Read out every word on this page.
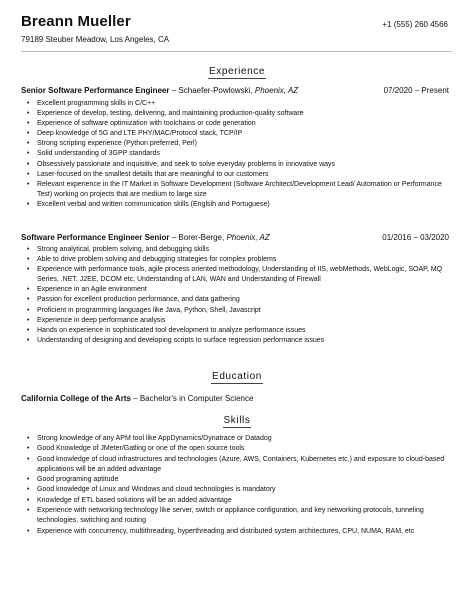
Breann Mueller
79189 Steuber Meadow, Los Angeles, CA
+1 (555) 260 4566
Experience
Senior Software Performance Engineer – Schaefer-Powlowski, Phoenix, AZ	07/2020 – Present
• Excellent programming skills in C/C++
• Experience of develop, testing, delivering, and maintaining production-quality software
• Experience of software optimization with toolchains or code generation
• Deep knowledge of 5G and LTE PHY/MAC/Protocol stack, TCP/IP
• Strong scripting experience (Python preferred, Perl)
• Solid understanding of 3GPP standards
• Obsessively passionate and inquisitive, and seek to solve everyday problems in innovative ways
• Laser-focused on the smallest details that are meaningful to our customers
• Relevant experience in the IT Market in Software Development (Software Architect/Development Lead/ Automation or Performance Test) working on projects that are medium to large size
• Excellent verbal and written communication skills (Englsih and Portuguese)
Software Performance Engineer Senior – Borer-Berge, Phoenix, AZ	01/2016 – 03/2020
• Strong analytical, problem solving, and debugging skills
• Able to drive problem solving and debugging strategies for complex problems
• Experience with performance tools, agile process oriented methodology, Understanding of IIS, webMethods, WebLogic, SOAP, MQ Series, .NET, J2EE, DCOM etc, Understanding of LAN, WAN and Understanding of Firewall
• Experience in an Agile environment
• Passion for excellent production performance, and data gathering
• Proficient in programming languages like Java, Python, Shell, Javascript
• Experience in deep performance analysis
• Hands on experience in sophisticated tool development to analyze performance issues
• Understanding of designing and developing scripts to surface regression performance issues
Education
California College of the Arts – Bachelor's in Computer Science
Skills
• Strong knowledge of any APM tool like AppDynamics/Dynatrace or Datadog
• Good Knowledge of JMeter/Gatling or one of the open source tools
• Good knowledge of cloud infrastructures and technologies (Azure, AWS, Containers, Kubernetes etc.) and exposure to cloud-based applications will be an added advantage
• Good programing aptitude
• Good knowledge of Linux and Windows and cloud technologies is mandatory
• Knowledge of ETL based solutions will be an added advantage
• Experience with networking technology like server, switch or appliance configuration, and key networking protocols, tunneling technologies, switching and routing
• Experience with concurrency, multithreading, hyperthreading and distributed system architectures, CPU, NUMA, RAM, etc
